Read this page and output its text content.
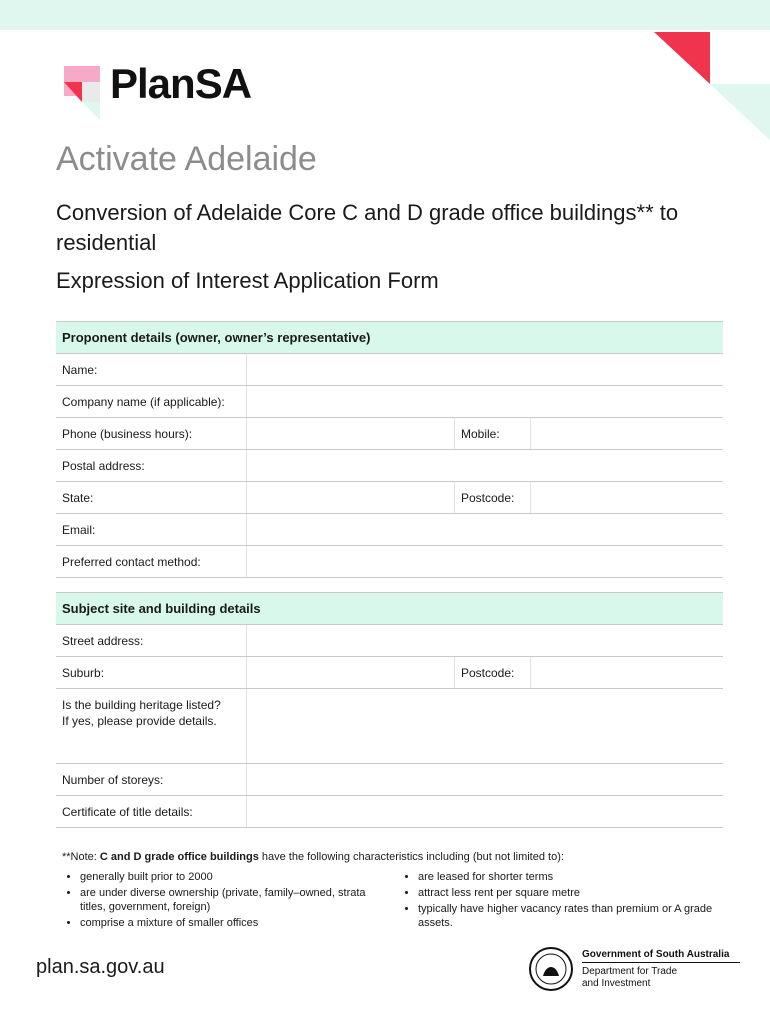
PlanSA
Activate Adelaide
Conversion of Adelaide Core C and D grade office buildings** to residential
Expression of Interest Application Form
Proponent details (owner, owner’s representative)			
Name:			
Company name (if applicable):			
Phone (business hours):		Mobile:	
Postal address:			
State:		Postcode:	
Email:			
Preferred contact method:			
Subject site and building details			
Street address:			
Suburb:		Postcode:	

Is the building heritage listed?
If yes, please provide details.			

Number of storeys:			
Certificate of title details:			
**Note: C and D grade office buildings have the following characteristics including (but not limited to):
• generally built prior to 2000
• are under diverse ownership (private, family–owned, strata titles, government, foreign)
• comprise a mixture of smaller offices
• are leased for shorter terms
• attract less rent per square metre
• typically have higher vacancy rates than premium or A grade assets.
plan.sa.gov.au
Government of South Australia
Department for Trade
and Investment
